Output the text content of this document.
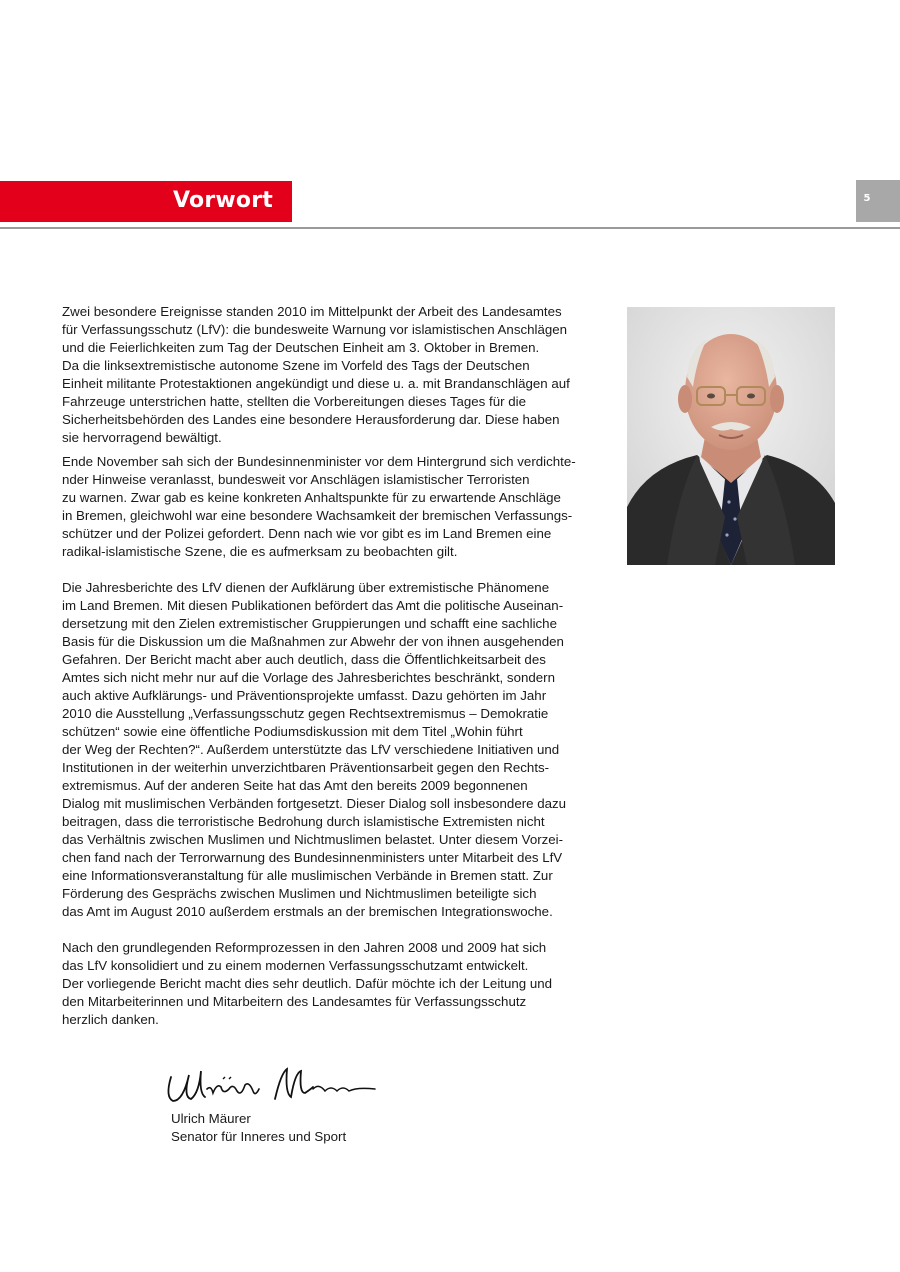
Vorwort	5

Zwei besondere Ereignisse standen 2010 im Mittelpunkt der Arbeit des Landesamtes

für Verfassungsschutz (LfV): die bundesweite Warnung vor islamistischen Anschlägen

und die Feierlichkeiten zum Tag der Deutschen Einheit am 3. Oktober in Bremen.

Da die linksextremistische autonome Szene im Vorfeld des Tags der Deutschen

Einheit militante Protestaktionen angekündigt und diese u. a. mit Brandanschlägen auf

Fahrzeuge unterstrichen hatte, stellten die Vorbereitungen dieses Tages für die

Sicherheitsbehörden des Landes eine besondere Herausforderung dar. Diese haben

sie hervorragend bewältigt.

Ende November sah sich der Bundesinnenminister vor dem Hintergrund sich verdichte-

nder Hinweise veranlasst, bundesweit vor Anschlägen islamistischer Terroristen

zu warnen. Zwar gab es keine konkreten Anhaltspunkte für zu erwartende Anschläge

in Bremen, gleichwohl war eine besondere Wachsamkeit der bremischen Verfassungs-

schützer und der Polizei gefordert. Denn nach wie vor gibt es im Land Bremen eine

radikal-islamistische Szene, die es aufmerksam zu beobachten gilt.

Die Jahresberichte des LfV dienen der Aufklärung über extremistische Phänomene

im Land Bremen. Mit diesen Publikationen befördert das Amt die politische Auseinan-

dersetzung mit den Zielen extremistischer Gruppierungen und schafft eine sachliche

Basis für die Diskussion um die Maßnahmen zur Abwehr der von ihnen ausgehenden

Gefahren. Der Bericht macht aber auch deutlich, dass die Öffentlichkeitsarbeit des

Amtes sich nicht mehr nur auf die Vorlage des Jahresberichtes beschränkt, sondern

auch aktive Aufklärungs- und Präventionsprojekte umfasst. Dazu gehörten im Jahr

2010 die Ausstellung „Verfassungsschutz gegen Rechtsextremismus – Demokratie

schützen“ sowie eine öffentliche Podiumsdiskussion mit dem Titel „Wohin führt

der Weg der Rechten?“. Außerdem unterstützte das LfV verschiedene Initiativen und

Institutionen in der weiterhin unverzichtbaren Präventionsarbeit gegen den Rechts-

extremismus. Auf der anderen Seite hat das Amt den bereits 2009 begonnenen

Dialog mit muslimischen Verbänden fortgesetzt. Dieser Dialog soll insbesondere dazu

beitragen, dass die terroristische Bedrohung durch islamistische Extremisten nicht

das Verhältnis zwischen Muslimen und Nichtmuslimen belastet. Unter diesem Vorzei-

chen fand nach der Terrorwarnung des Bundesinnenministers unter Mitarbeit des LfV

eine Informationsveranstaltung für alle muslimischen Verbände in Bremen statt. Zur

Förderung des Gesprächs zwischen Muslimen und Nichtmuslimen beteiligte sich

das Amt im August 2010 außerdem erstmals an der bremischen Integrationswoche.

Nach den grundlegenden Reformprozessen in den Jahren 2008 und 2009 hat sich

das LfV konsolidiert und zu einem modernen Verfassungsschutzamt entwickelt.

Der vorliegende Bericht macht dies sehr deutlich. Dafür möchte ich der Leitung und

den Mitarbeiterinnen und Mitarbeitern des Landesamtes für Verfassungsschutz

herzlich danken.

Ulrich Mäurer
Senator für Inneres und Sport
